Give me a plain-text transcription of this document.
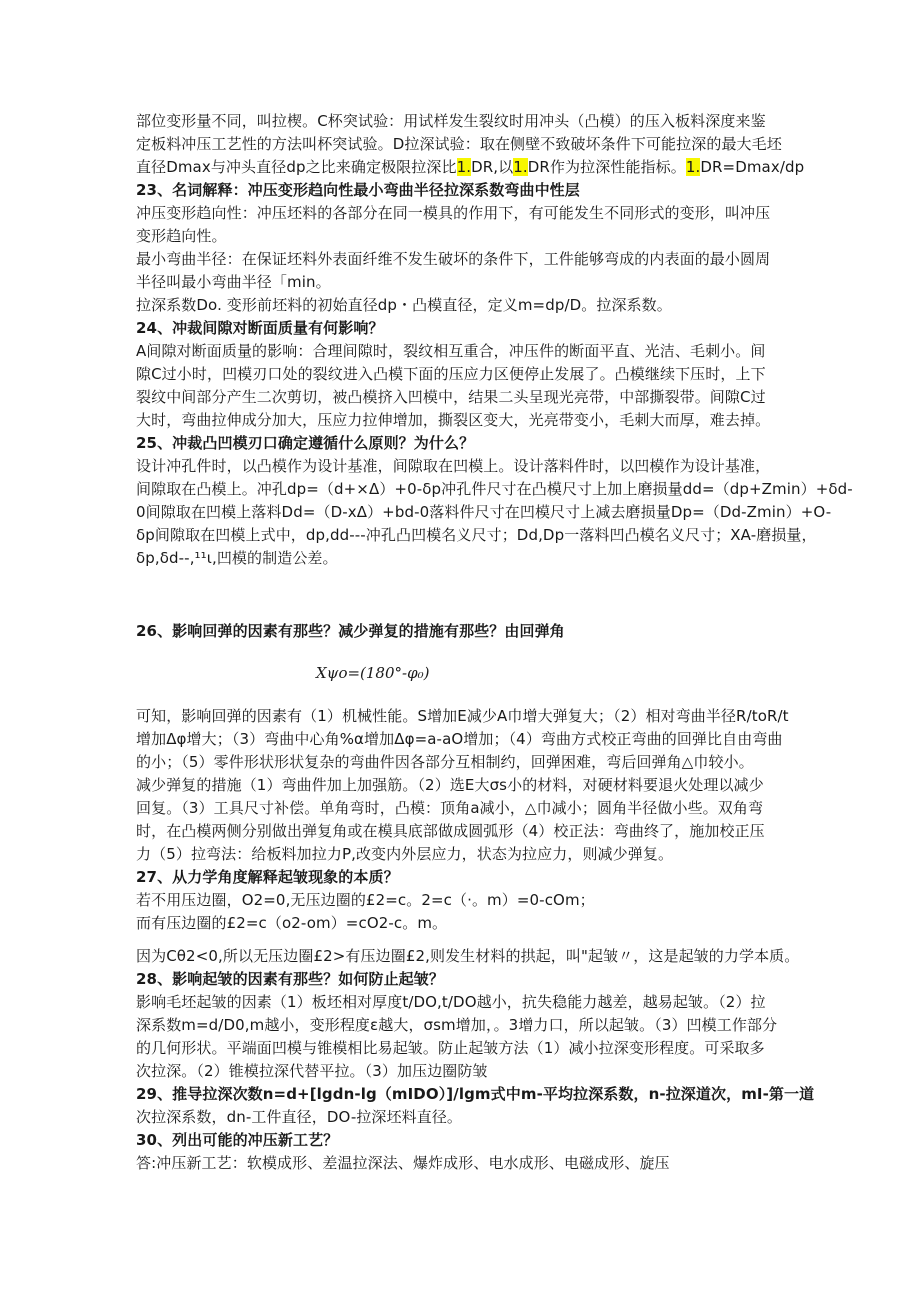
部位变形量不同，叫拉楔。C杯突试验：用试样发生裂纹时用冲头（凸模）的压入板料深度来鉴
定板料冲压工艺性的方法叫杯突试验。D拉深试验：取在侧壁不致破坏条件下可能拉深的最大毛坯
直径Dmax与冲头直径dp之比来确定极限拉深比1.DR,以1.DR作为拉深性能指标。1.DR=Dmax/dp
23、名词解释：冲压变形趋向性最小弯曲半径拉深系数弯曲中性层
冲压变形趋向性：冲压坯料的各部分在同一模具的作用下，有可能发生不同形式的变形，叫冲压
变形趋向性。
最小弯曲半径：在保证坯料外表面纤维不发生破坏的条件下，工件能够弯成的内表面的最小圆周
半径叫最小弯曲半径「min。
拉深系数Do. 变形前坯料的初始直径dp・凸模直径，定义m=dp/D。拉深系数。
24、冲裁间隙对断面质量有何影响？
A间隙对断面质量的影响：合理间隙时，裂纹相互重合，冲压件的断面平直、光洁、毛刺小。间
隙C过小时，凹模刃口处的裂纹进入凸模下面的压应力区便停止发展了。凸模继续下压时，上下
裂纹中间部分产生二次剪切，被凸模挤入凹模中，结果二头呈现光亮带，中部撕裂带。间隙C过
大时，弯曲拉伸成分加大，压应力拉伸增加，撕裂区变大，光亮带变小，毛刺大而厚，难去掉。
25、冲裁凸凹模刃口确定遵循什么原则？为什么？
设计冲孔件时，以凸模作为设计基准，间隙取在凹模上。设计落料件时，以凹模作为设计基准，
间隙取在凸模上。冲孔dp=（d+×Δ）+0-δp冲孔件尺寸在凸模尺寸上加上磨损量dd=（dp+Zmin）+δd-
0间隙取在凹模上落料Dd=（D-xΔ）+bd-0落料件尺寸在凹模尺寸上减去磨损量Dp=（Dd-Zmin）+O-
δp间隙取在凹模上式中，dp,dd---冲孔凸凹模名义尺寸；Dd,Dp一落料凹凸模名义尺寸；XA-磨损量，
δp,δd--,¹¹ι,凹模的制造公差。
26、影响回弹的因素有那些？减少弹复的措施有那些？由回弹角
Xψo=(180°-φ₀)
可知，影响回弹的因素有（1）机械性能。S增加E减少A巾增大弹复大；（2）相对弯曲半径R/toR/t
增加Δφ增大；（3）弯曲中心角%α增加Δφ=a-aO增加；（4）弯曲方式校正弯曲的回弹比自由弯曲
的小；（5）零件形状形状复杂的弯曲件因各部分互相制约，回弹困难，弯后回弹角△巾较小。
减少弹复的措施（1）弯曲件加上加强筋。（2）选E大σs小的材料，对硬材料要退火处理以减少
回复。（3）工具尺寸补偿。单角弯时，凸模：顶角a减小，△巾减小；圆角半径做小些。双角弯
时，在凸模两侧分别做出弹复角或在模具底部做成圆弧形（4）校正法：弯曲终了，施加校正压
力（5）拉弯法：给板料加拉力P,改变内外层应力，状态为拉应力，则减少弹复。
27、从力学角度解释起皱现象的本质？
若不用压边圈，O2=0,无压边圈的£2=c。2=c（·。m）=0-cOm；
而有压边圈的£2=c（o2-om）=cO2-c。m。
因为Cθ2<0,所以无压边圈£2>有压边圈£2,则发生材料的拱起，叫"起皱〃，这是起皱的力学本质。
28、影响起皱的因素有那些？如何防止起皱？
影响毛坯起皱的因素（1）板坯相对厚度t/DO,t/DO越小，抗失稳能力越差，越易起皱。（2）拉
深系数m=d/D0,m越小，变形程度ε越大，σsm增加，。3增力口，所以起皱。（3）凹模工作部分
的几何形状。平端面凹模与锥模相比易起皱。防止起皱方法（1）减小拉深变形程度。可采取多
次拉深。（2）锥模拉深代替平拉。（3）加压边圈防皱
29、推导拉深次数n=d+[lgdn-lg（mIDO）]/lgm式中m-平均拉深系数，n-拉深道次，mI-第一道
次拉深系数，dn-工件直径，DO-拉深坯料直径。
30、列出可能的冲压新工艺？
答:冲压新工艺：软模成形、差温拉深法、爆炸成形、电水成形、电磁成形、旋压
